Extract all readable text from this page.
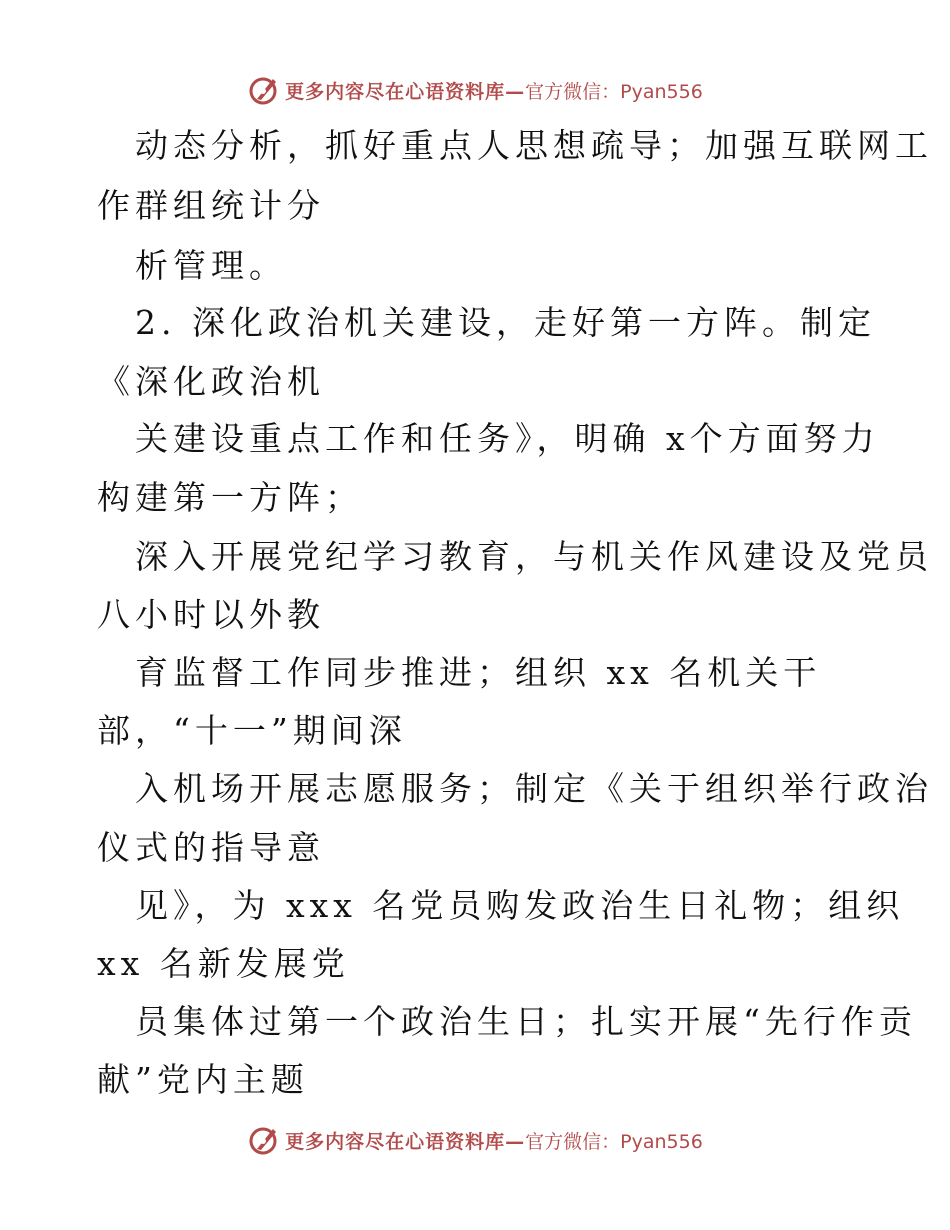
更多内容尽在心语资料库—官方微信：Pyan556
动态分析，抓好重点人思想疏导；加强互联网工
作群组统计分
析管理。
2. 深化政治机关建设，走好第一方阵。制定
《深化政治机
关建设重点工作和任务》，明确 x个方面努力
构建第一方阵；
深入开展党纪学习教育，与机关作风建设及党员
八小时以外教
育监督工作同步推进；组织 xx 名机关干
部，“十一”期间深
入机场开展志愿服务；制定《关于组织举行政治
仪式的指导意
见》，为 xxx 名党员购发政治生日礼物；组织
xx 名新发展党
员集体过第一个政治生日；扎实开展“先行作贡
献”党内主题
更多内容尽在心语资料库—官方微信：Pyan556
